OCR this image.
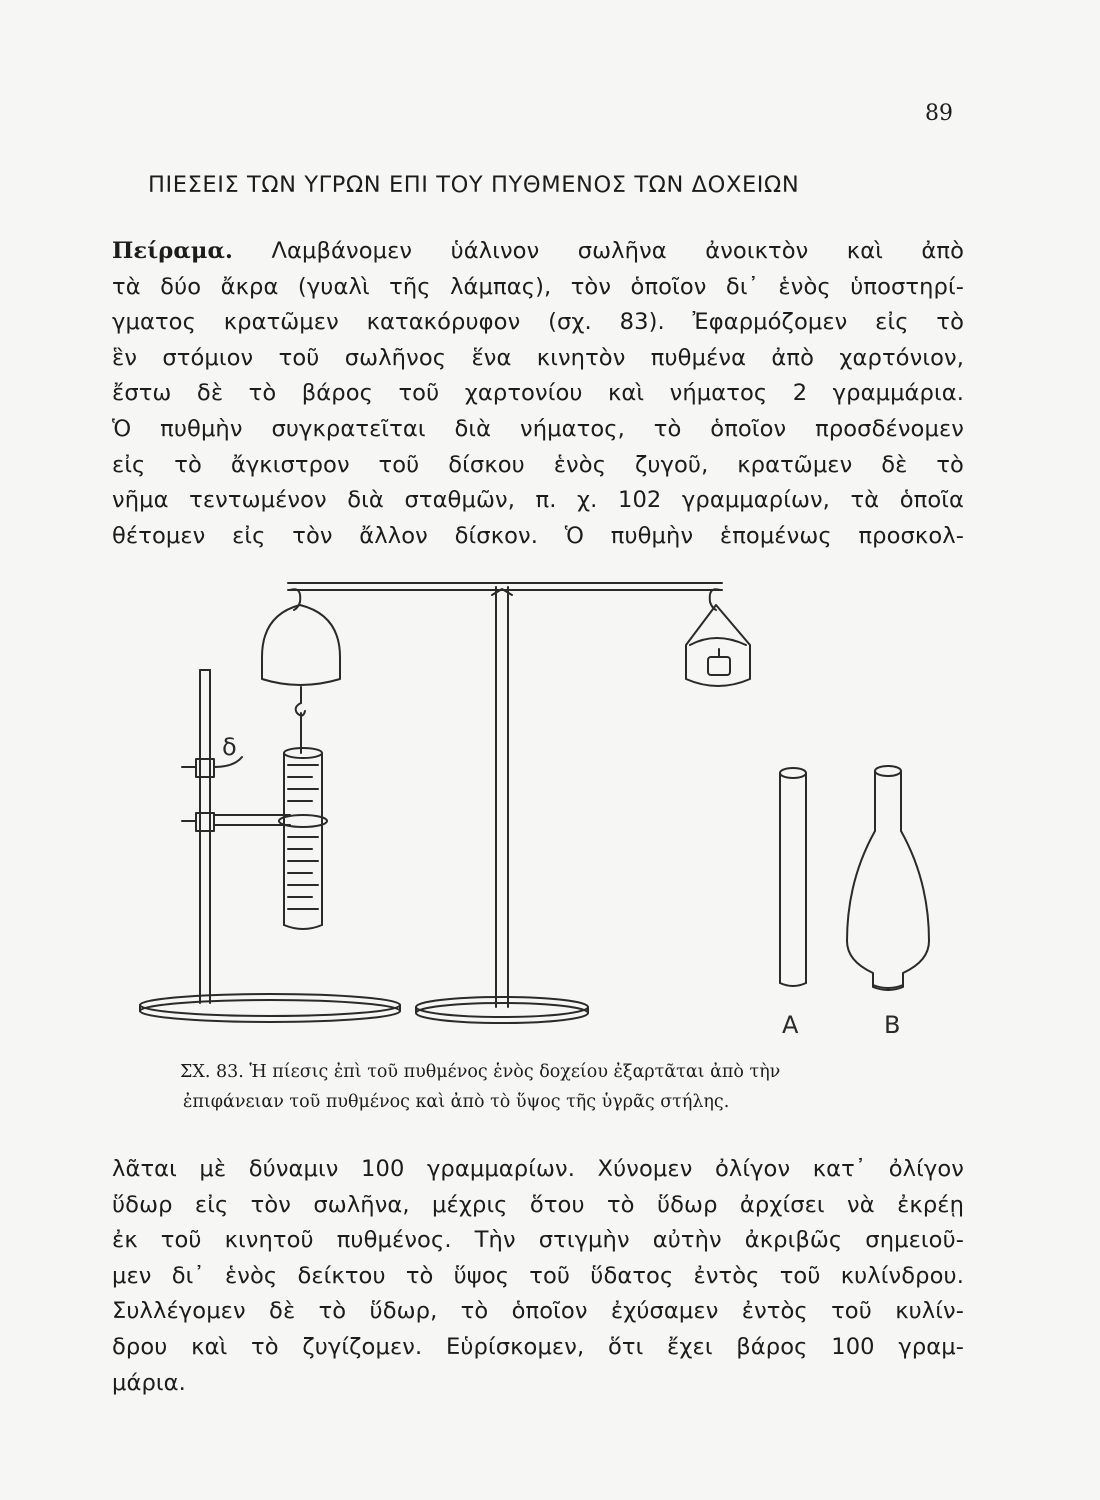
89
ΠΙΕΣΕΙΣ ΤΩΝ ΥΓΡΩΝ ΕΠΙ ΤΟΥ ΠΥΘΜΕΝΟΣ ΤΩΝ ΔΟΧΕΙΩΝ
Πείραμα. Λαμβάνομεν ὑάλινον σωλῆνα ἀνοικτὸν καὶ ἀπὸ
τὰ δύο ἄκρα (γυαλὶ τῆς λάμπας), τὸν ὁποῖον δι᾽ ἑνὸς ὑποστηρί-
γματος κρατῶμεν κατακόρυφον (σχ. 83). Ἐφαρμόζομεν εἰς τὸ
ἓν στόμιον τοῦ σωλῆνος ἕνα κινητὸν πυθμένα ἀπὸ χαρτόνιον,
ἔστω δὲ τὸ βάρος τοῦ χαρτονίου καὶ νήματος 2 γραμμάρια.
Ὁ πυθμὴν συγκρατεῖται διὰ νήματος, τὸ ὁποῖον προσδένομεν
εἰς τὸ ἄγκιστρον τοῦ δίσκου ἑνὸς ζυγοῦ, κρατῶμεν δὲ τὸ
νῆμα τεντωμένον διὰ σταθμῶν, π. χ. 102 γραμμαρίων, τὰ ὁποῖα
θέτομεν εἰς τὸν ἄλλον δίσκον. Ὁ πυθμὴν ἑπομένως προσκολ-
δ
A	B
ΣΧ. 83. Ἡ πίεσις ἐπὶ τοῦ πυθμένος ἑνὸς δοχείου ἐξαρτᾶται ἀπὸ τὴν
ἐπιφάνειαν τοῦ πυθμένος καὶ ἀπὸ τὸ ὕψος τῆς ὑγρᾶς στήλης.
λᾶται μὲ δύναμιν 100 γραμμαρίων. Χύνομεν ὀλίγον κατ᾽ ὀλίγον
ὕδωρ εἰς τὸν σωλῆνα, μέχρις ὅτου τὸ ὕδωρ ἀρχίσει νὰ ἐκρέῃ
ἐκ τοῦ κινητοῦ πυθμένος. Τὴν στιγμὴν αὐτὴν ἀκριβῶς σημειοῦ-
μεν δι᾽ ἑνὸς δείκτου τὸ ὕψος τοῦ ὕδατος ἐντὸς τοῦ κυλίνδρου.
Συλλέγομεν δὲ τὸ ὕδωρ, τὸ ὁποῖον ἐχύσαμεν ἐντὸς τοῦ κυλίν-
δρου καὶ τὸ ζυγίζομεν. Εὑρίσκομεν, ὅτι ἔχει βάρος 100 γραμ-
μάρια.
